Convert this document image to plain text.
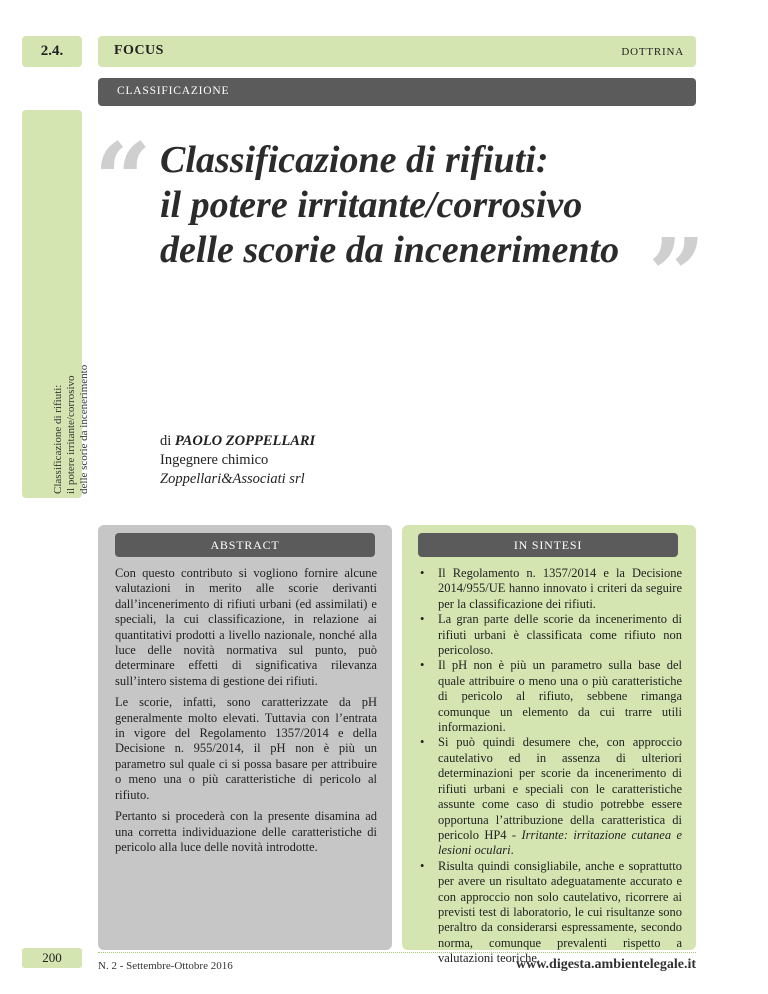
2.4.	FOCUS	DOTTRINA
CLASSIFICAZIONE
Classificazione di rifiuti: il potere irritante/corrosivo delle scorie da incenerimento
“ Classificazione di rifiuti:
il potere irritante/corrosivo
delle scorie da incenerimento ”
di PAOLO ZOPPELLARI
Ingegnere chimico
Zoppellari&Associati srl
ABSTRACT

Con questo contributo si vogliono fornire alcune valutazioni in merito alle scorie derivanti dall’incenerimento di rifiuti urbani (ed assimilati) e speciali, la cui classificazione, in relazione ai quantitativi prodotti a livello nazionale, nonché alla luce delle novità normativa sul punto, può determinare effetti di significativa rilevanza sull’intero sistema di gestione dei rifiuti.

Le scorie, infatti, sono caratterizzate da pH generalmente molto elevati. Tuttavia con l’entrata in vigore del Regolamento 1357/2014 e della Decisione n. 955/2014, il pH non è più un parametro sul quale ci si possa basare per attribuire o meno una o più caratteristiche di pericolo al rifiuto.

Pertanto si procederà con la presente disamina ad una corretta individuazione delle caratteristiche di pericolo alla luce delle novità introdotte.

IN SINTESI
• Il Regolamento n. 1357/2014 e la Decisione 2014/955/UE hanno innovato i criteri da seguire per la classificazione dei rifiuti.
• La gran parte delle scorie da incenerimento di rifiuti urbani è classificata come rifiuto non pericoloso.
• Il pH non è più un parametro sulla base del quale attribuire o meno una o più caratteristiche di pericolo al rifiuto, sebbene rimanga comunque un elemento da cui trarre utili informazioni.
• Si può quindi desumere che, con approccio cautelativo ed in assenza di ulteriori determinazioni per scorie da incenerimento di rifiuti urbani e speciali con le caratteristiche assunte come caso di studio potrebbe essere opportuna l’attribuzione della caratteristica di pericolo HP4 - Irritante: irritazione cutanea e lesioni oculari.
• Risulta quindi consigliabile, anche e soprattutto per avere un risultato adeguatamente accurato e con approccio non solo cautelativo, ricorrere ai previsti test di laboratorio, le cui risultanze sono peraltro da considerarsi espressamente, secondo norma, comunque prevalenti rispetto a valutazioni teoriche.
200
N. 2 - Settembre-Ottobre 2016	www.digesta.ambientelegale.it
